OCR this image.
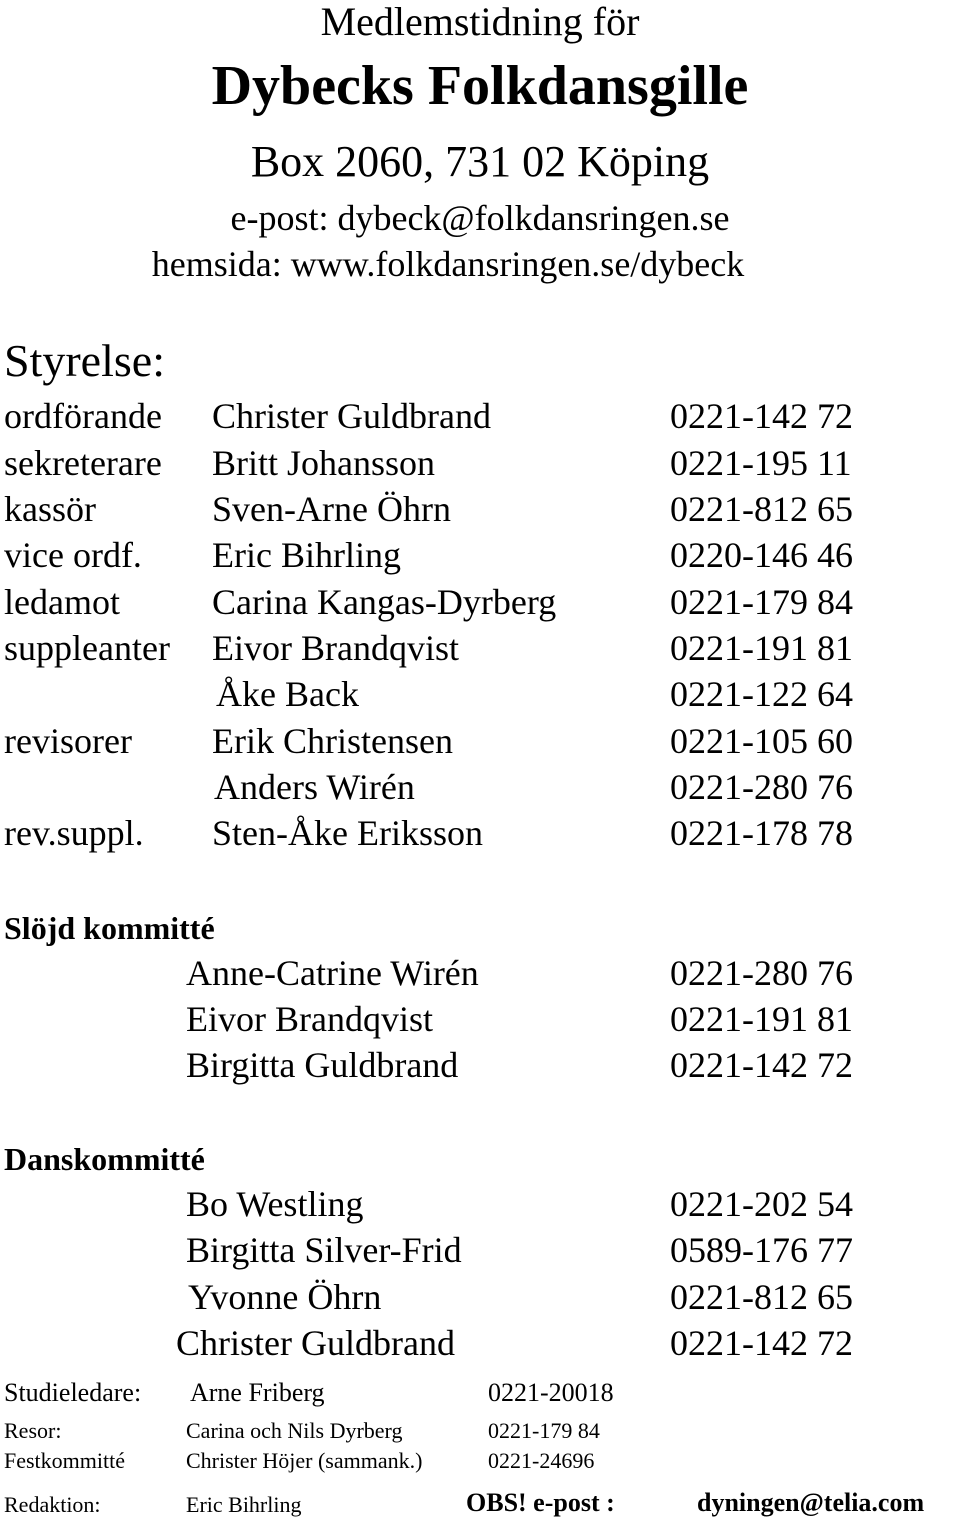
Medlemstidning för
Dybecks Folkdansgille
Box 2060, 731 02 Köping
e-post: dybeck@folkdansringen.se
hemsida: www.folkdansringen.se/dybeck
Styrelse:
ordförande Christer Guldbrand	0221-142 72
sekreterare Britt Johansson	0221-195 11
kassör	Sven-Arne Öhrn	0221-812 65
vice ordf. Eric Bihrling	0220-146 46
ledamot	Carina Kangas-Dyrberg	0221-179 84
suppleanter Eivor Brandqvist	0221-191 81
Åke Back	0221-122 64
revisorer Erik Christensen	0221-105 60
Anders Wirén	0221-280 76
rev.suppl. Sten-Åke Eriksson	0221-178 78
Slöjd kommitté
Anne-Catrine Wirén	0221-280 76
Eivor Brandqvist	0221-191 81
Birgitta Guldbrand	0221-142 72
Danskommitté
Bo Westling	0221-202 54
Birgitta Silver-Frid	0589-176 77
Yvonne Öhrn	0221-812 65
Christer Guldbrand	0221-142 72
Studieledare: Arne Friberg	0221-20018
Resor:	Carina och Nils Dyrberg	0221-179 84
Festkommitté	Christer Höjer (sammank.)	0221-24696
Redaktion:	Eric Bihrling	OBS! e-post :	dyningen@telia.com
